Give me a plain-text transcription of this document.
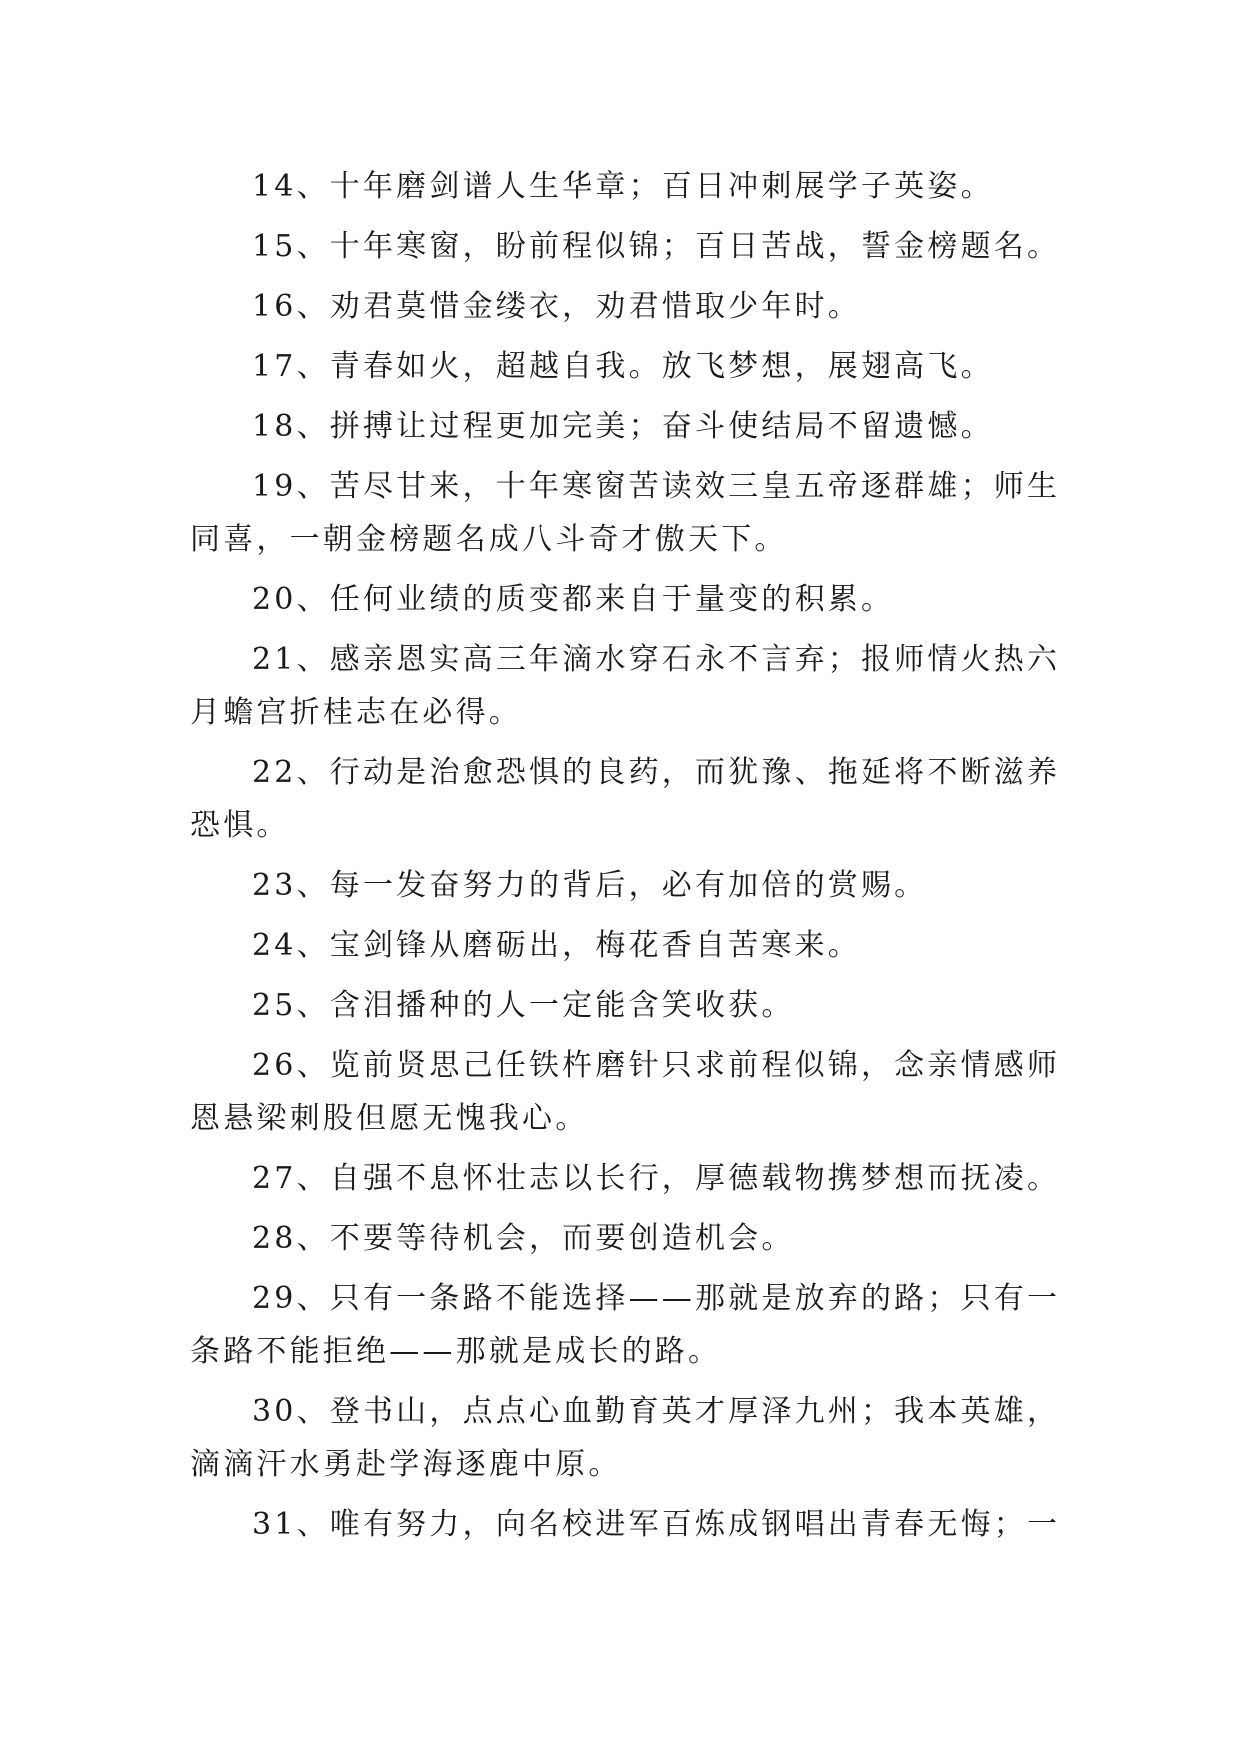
14、十年磨剑谱人生华章；百日冲刺展学子英姿。

15、十年寒窗，盼前程似锦；百日苦战，誓金榜题名。

16、劝君莫惜金缕衣，劝君惜取少年时。

17、青春如火，超越自我。放飞梦想，展翅高飞。

18、拼搏让过程更加完美；奋斗使结局不留遗憾。

19、苦尽甘来，十年寒窗苦读效三皇五帝逐群雄；师生同喜，一朝金榜题名成八斗奇才傲天下。

20、任何业绩的质变都来自于量变的积累。

21、感亲恩实高三年滴水穿石永不言弃；报师情火热六月蟾宫折桂志在必得。

22、行动是治愈恐惧的良药，而犹豫、拖延将不断滋养恐惧。

23、每一发奋努力的背后，必有加倍的赏赐。

24、宝剑锋从磨砺出，梅花香自苦寒来。

25、含泪播种的人一定能含笑收获。

26、览前贤思己任铁杵磨针只求前程似锦，念亲情感师恩悬梁刺股但愿无愧我心。

27、自强不息怀壮志以长行，厚德载物携梦想而抚凌。

28、不要等待机会，而要创造机会。

29、只有一条路不能选择——那就是放弃的路；只有一条路不能拒绝——那就是成长的路。

30、登书山，点点心血勤育英才厚泽九州；我本英雄，滴滴汗水勇赴学海逐鹿中原。

31、唯有努力，向名校进军百炼成钢唱出青春无悔；一
